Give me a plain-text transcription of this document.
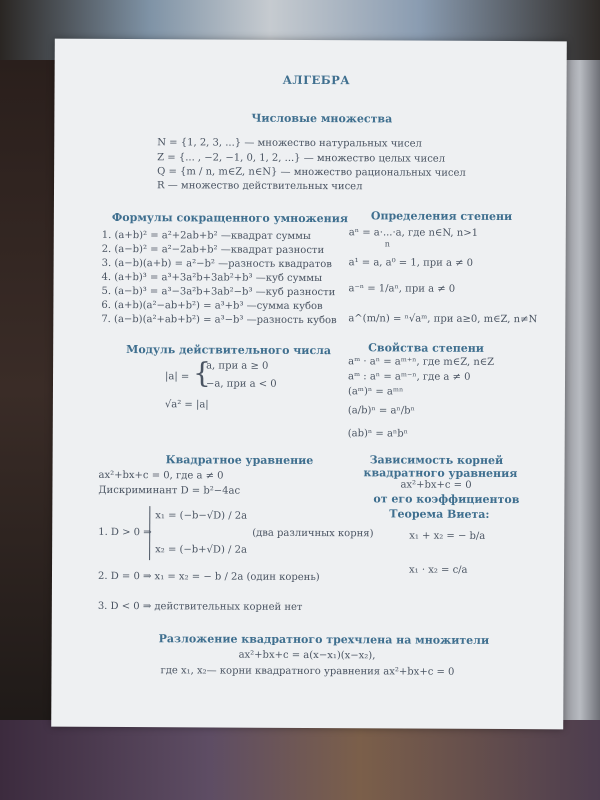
АЛГЕБРА
Числовые множества
N = {1, 2, 3, ...} — множество натуральных чисел
Z = {... , −2, −1, 0, 1, 2, ...} — множество целых чисел
Q = {m / n, m∈Z, n∈N} — множество рациональных чисел
R — множество действительных чисел
Формулы сокращенного умножения
1. (a+b)² = a²+2ab+b² —квадрат суммы
2. (a−b)² = a²−2ab+b² —квадрат разности
3. (a−b)(a+b) = a²−b² —разность квадратов
4. (a+b)³ = a³+3a²b+3ab²+b³ —куб суммы
5. (a−b)³ = a³−3a²b+3ab²−b³ —куб разности
6. (a+b)(a²−ab+b²) = a³+b³ —сумма кубов
7. (a−b)(a²+ab+b²) = a³−b³ —разность кубов
Определения степени
aⁿ = a·...·a, где n∈N, n>1
n
a¹ = a, a⁰ = 1, при a ≠ 0
a⁻ⁿ = 1/aⁿ, при a ≠ 0
a^(m/n) = ⁿ√aᵐ, при a≥0, m∈Z, n≠N
Модуль действительного числа
|a| = {
a, при a ≥ 0
−a, при a < 0
√a² = |a|
Свойства степени
aᵐ · aⁿ = aᵐ⁺ⁿ, где m∈Z, n∈Z
aᵐ : aⁿ = aᵐ⁻ⁿ, где a ≠ 0
(aᵐ)ⁿ = aᵐⁿ
(a/b)ⁿ = aⁿ/bⁿ
(ab)ⁿ = aⁿbⁿ
Квадратное уравнение
ax²+bx+c = 0, где a ≠ 0
Дискриминант D = b²−4ac
1. D > 0 ⇒
x₁ = (−b−√D) / 2a
x₂ = (−b+√D) / 2a
(два различных корня)
2. D = 0 ⇒ x₁ = x₂ = − b / 2a (один корень)
3. D < 0 ⇒ действительных корней нет
Зависимость корней
квадратного уравнения
ax²+bx+c = 0
от его коэффициентов
Теорема Виета:
x₁ + x₂ = − b/a
x₁ · x₂ = c/a
Разложение квадратного трехчлена на множители
ax²+bx+c = a(x−x₁)(x−x₂),
где x₁, x₂— корни квадратного уравнения ax²+bx+c = 0
